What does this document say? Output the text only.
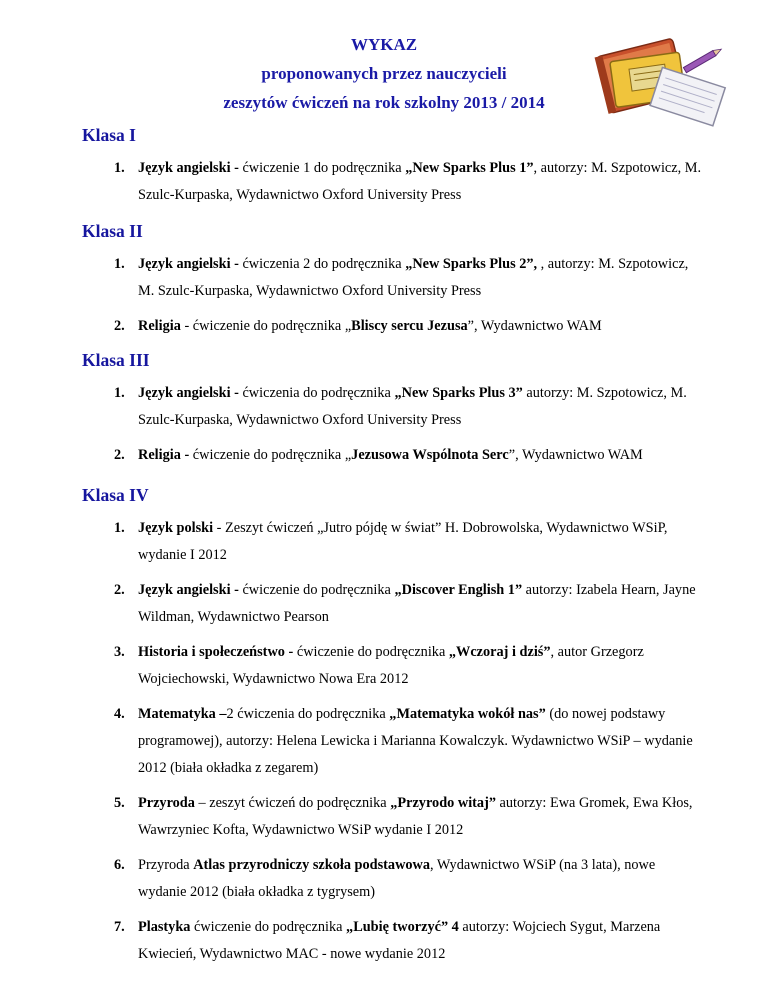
WYKAZ
proponowanych przez nauczycieli
zeszytów ćwiczeń na rok szkolny 2013 / 2014
Klasa I
1. Język angielski - ćwiczenie 1 do podręcznika „New Sparks Plus 1”, autorzy: M. Szpotowicz, M. Szulc-Kurpaska, Wydawnictwo Oxford University Press
Klasa II
1. Język angielski - ćwiczenia 2 do podręcznika „New Sparks Plus 2”, , autorzy: M. Szpotowicz, M. Szulc-Kurpaska, Wydawnictwo Oxford University Press
2. Religia - ćwiczenie do podręcznika „Bliscy sercu Jezusa”, Wydawnictwo WAM
Klasa III
1. Język angielski - ćwiczenia do podręcznika „New Sparks Plus 3” autorzy: M. Szpotowicz, M. Szulc-Kurpaska, Wydawnictwo Oxford University Press
2. Religia - ćwiczenie do podręcznika „Jezusowa Wspólnota Serc”, Wydawnictwo WAM
Klasa IV
1. Język polski - Zeszyt ćwiczeń „Jutro pójdę w świat” H. Dobrowolska, Wydawnictwo WSiP, wydanie I 2012
2. Język angielski - ćwiczenie do podręcznika „Discover English 1” autorzy: Izabela Hearn, Jayne Wildman, Wydawnictwo Pearson
3. Historia i społeczeństwo - ćwiczenie do podręcznika „Wczoraj i dziś”, autor Grzegorz Wojciechowski, Wydawnictwo Nowa Era 2012
4. Matematyka –2 ćwiczenia do podręcznika „Matematyka wokół nas” (do nowej podstawy programowej), autorzy: Helena Lewicka i Marianna Kowalczyk. Wydawnictwo WSiP – wydanie 2012 (biała okładka z zegarem)
5. Przyroda – zeszyt ćwiczeń do podręcznika „Przyrodo witaj” autorzy: Ewa Gromek, Ewa Kłos, Wawrzyniec Kofta, Wydawnictwo WSiP wydanie I 2012
6. Przyroda Atlas przyrodniczy szkoła podstawowa, Wydawnictwo WSiP (na 3 lata), nowe wydanie 2012 (biała okładka z tygrysem)
7. Plastyka ćwiczenie do podręcznika „Lubię tworzyć” 4 autorzy: Wojciech Sygut, Marzena Kwiecień, Wydawnictwo MAC - nowe wydanie 2012
